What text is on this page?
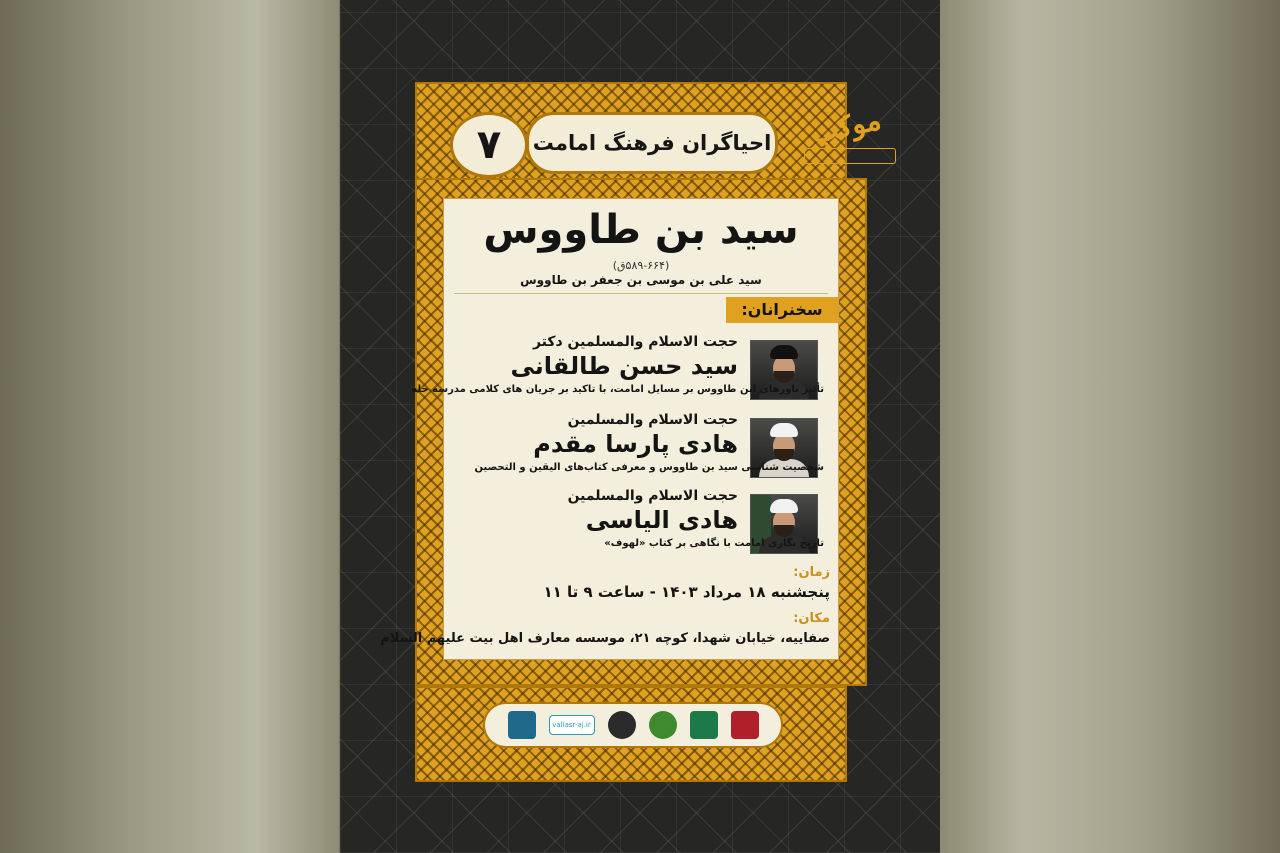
۷	احیاگران فرهنگ امامت	موکب
سید بن طاووس
(۵۸۹-۶۶۴ق)
سید علی بن موسی بن جعفر بن طاووس
سخنرانان:
حجت الاسلام والمسلمین دکتر
سید حسن طالقانی
تأثیر باورهای ابن طاووس بر مسایل امامت، با تاکید بر جریان های کلامی مدرسه حله
حجت الاسلام والمسلمین
هادی پارسا مقدم
شخصیت شناسی سید بن طاووس و معرفی کتاب‌های الیقین و التحصین
حجت الاسلام والمسلمین
هادی الیاسی
تاریخ نگاری امامت با نگاهی بر کتاب «لهوف»
زمان:
پنجشنبه ۱۸ مرداد ۱۴۰۳ - ساعت ۹ تا ۱۱
مکان:
صفاییه، خیابان شهدا، کوچه ۲۱، موسسه معارف اهل بیت علیهم السلام
valiasr-aj.ir
